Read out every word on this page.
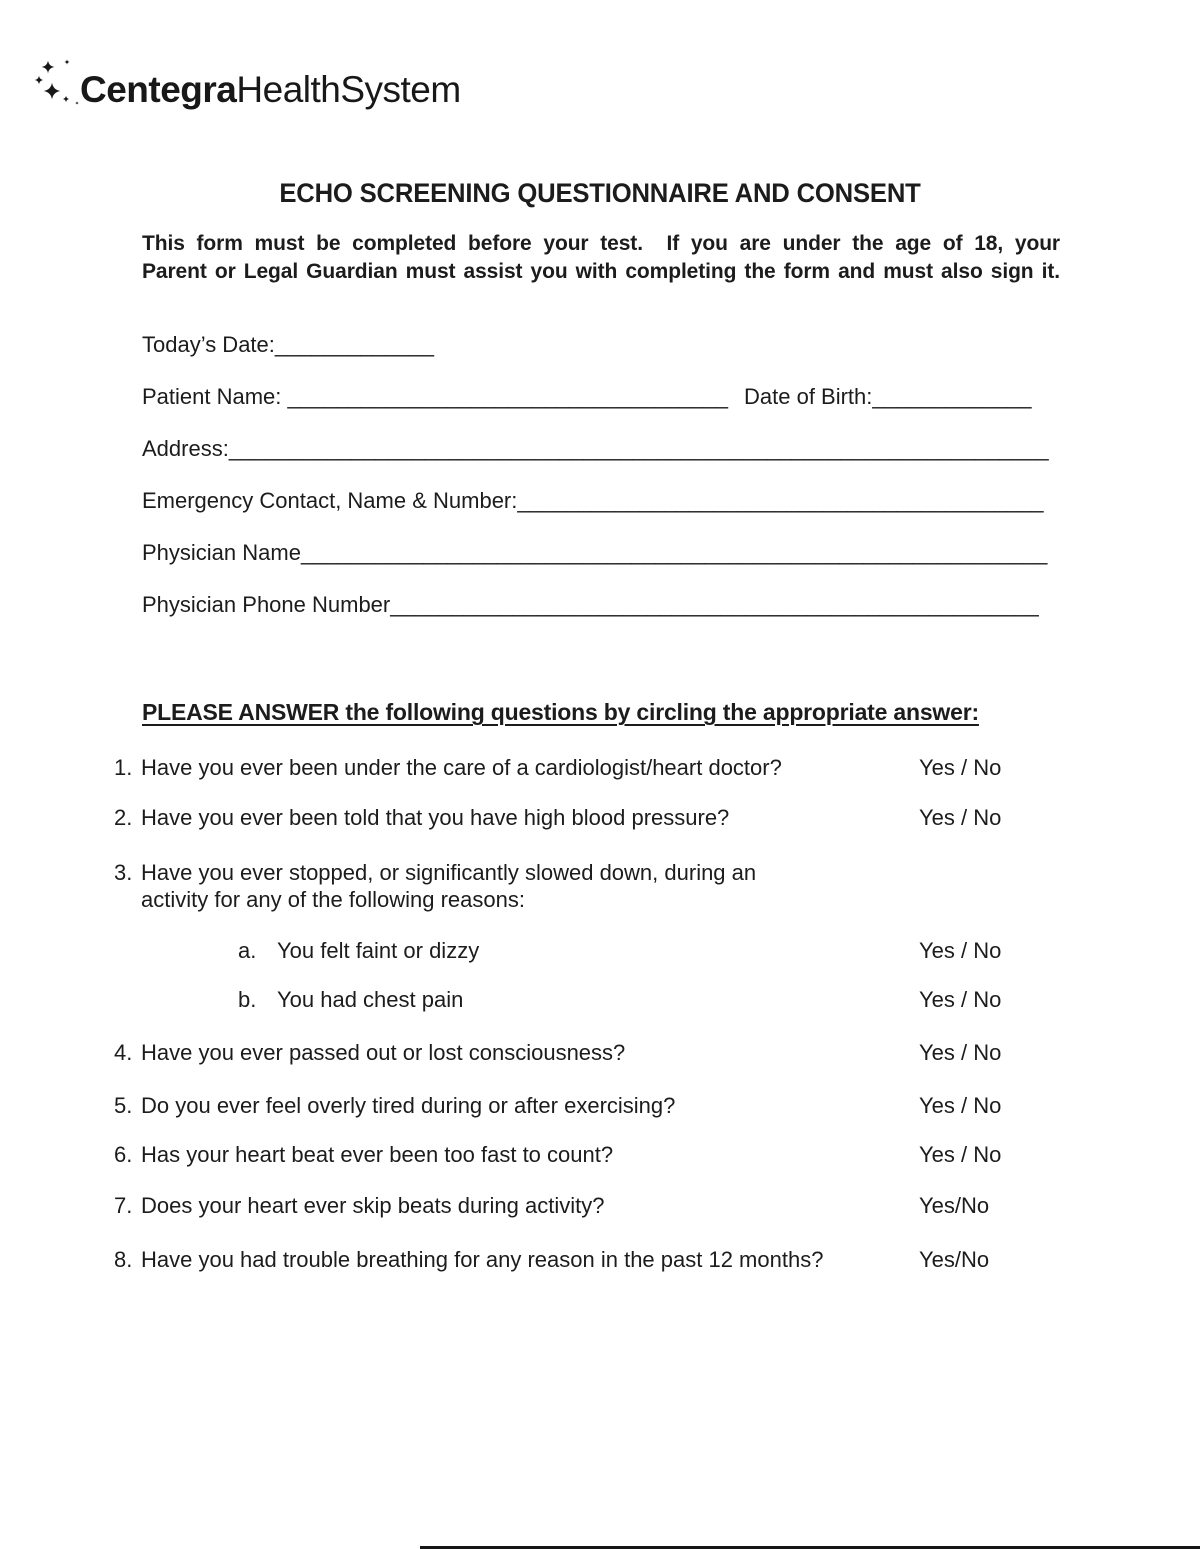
CentegraHealthSystem
ECHO SCREENING QUESTIONNAIRE AND CONSENT
This form must be completed before your test.  If you are under the age of 18, your
Parent or Legal Guardian must assist you with completing the form and must also sign it.
Today’s Date:_____________
Patient Name: ____________________________________ Date of Birth:_____________
Address:___________________________________________________________________
Emergency Contact, Name & Number:___________________________________________
Physician Name_____________________________________________________________
Physician Phone Number_____________________________________________________
PLEASE ANSWER the following questions by circling the appropriate answer:
1. Have you ever been under the care of a cardiologist/heart doctor?	Yes / No
2. Have you ever been told that you have high blood pressure?	Yes / No
3. Have you ever stopped, or significantly slowed down, during an
activity for any of the following reasons:
a. You felt faint or dizzy	Yes / No
b. You had chest pain	Yes / No
4. Have you ever passed out or lost consciousness?	Yes / No
5. Do you ever feel overly tired during or after exercising?	Yes / No
6. Has your heart beat ever been too fast to count?	Yes / No
7. Does your heart ever skip beats during activity?	Yes/No
8. Have you had trouble breathing for any reason in the past 12 months?	Yes/No
